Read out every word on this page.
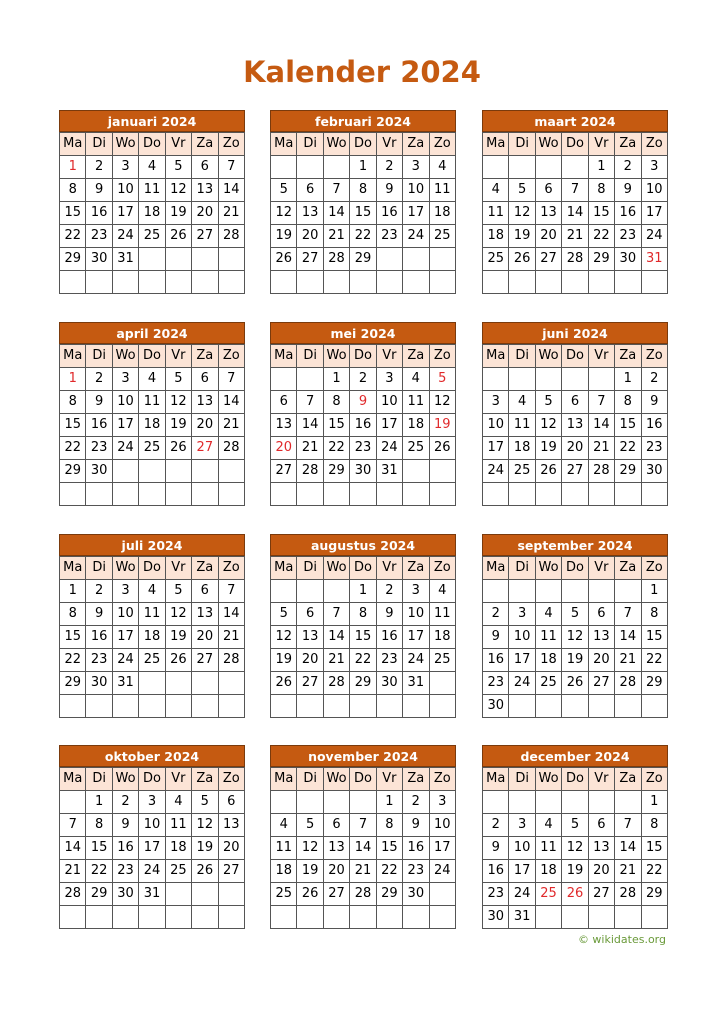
Kalender 2024
januari 2024
Ma	Di	Wo	Do	Vr	Za	Zo
1	2	3	4	5	6	7
8	9	10	11	12	13	14
15	16	17	18	19	20	21
22	23	24	25	26	27	28
29	30	31				

februari 2024
Ma	Di	Wo	Do	Vr	Za	Zo
			1	2	3	4
5	6	7	8	9	10	11
12	13	14	15	16	17	18
19	20	21	22	23	24	25
26	27	28	29			

maart 2024
Ma	Di	Wo	Do	Vr	Za	Zo
				1	2	3
4	5	6	7	8	9	10
11	12	13	14	15	16	17
18	19	20	21	22	23	24
25	26	27	28	29	30	31

april 2024
Ma	Di	Wo	Do	Vr	Za	Zo
1	2	3	4	5	6	7
8	9	10	11	12	13	14
15	16	17	18	19	20	21
22	23	24	25	26	27	28
29	30					

mei 2024
Ma	Di	Wo	Do	Vr	Za	Zo
		1	2	3	4	5
6	7	8	9	10	11	12
13	14	15	16	17	18	19
20	21	22	23	24	25	26
27	28	29	30	31		

juni 2024
Ma	Di	Wo	Do	Vr	Za	Zo
					1	2
3	4	5	6	7	8	9
10	11	12	13	14	15	16
17	18	19	20	21	22	23
24	25	26	27	28	29	30

juli 2024
Ma	Di	Wo	Do	Vr	Za	Zo
1	2	3	4	5	6	7
8	9	10	11	12	13	14
15	16	17	18	19	20	21
22	23	24	25	26	27	28
29	30	31				

augustus 2024
Ma	Di	Wo	Do	Vr	Za	Zo
			1	2	3	4
5	6	7	8	9	10	11
12	13	14	15	16	17	18
19	20	21	22	23	24	25
26	27	28	29	30	31	

september 2024
Ma	Di	Wo	Do	Vr	Za	Zo
						1
2	3	4	5	6	7	8
9	10	11	12	13	14	15
16	17	18	19	20	21	22
23	24	25	26	27	28	29
30						
oktober 2024
Ma	Di	Wo	Do	Vr	Za	Zo
	1	2	3	4	5	6
7	8	9	10	11	12	13
14	15	16	17	18	19	20
21	22	23	24	25	26	27
28	29	30	31			

november 2024
Ma	Di	Wo	Do	Vr	Za	Zo
				1	2	3
4	5	6	7	8	9	10
11	12	13	14	15	16	17
18	19	20	21	22	23	24
25	26	27	28	29	30	

december 2024
Ma	Di	Wo	Do	Vr	Za	Zo
						1
2	3	4	5	6	7	8
9	10	11	12	13	14	15
16	17	18	19	20	21	22
23	24	25	26	27	28	29
30	31					
© wikidates.org
